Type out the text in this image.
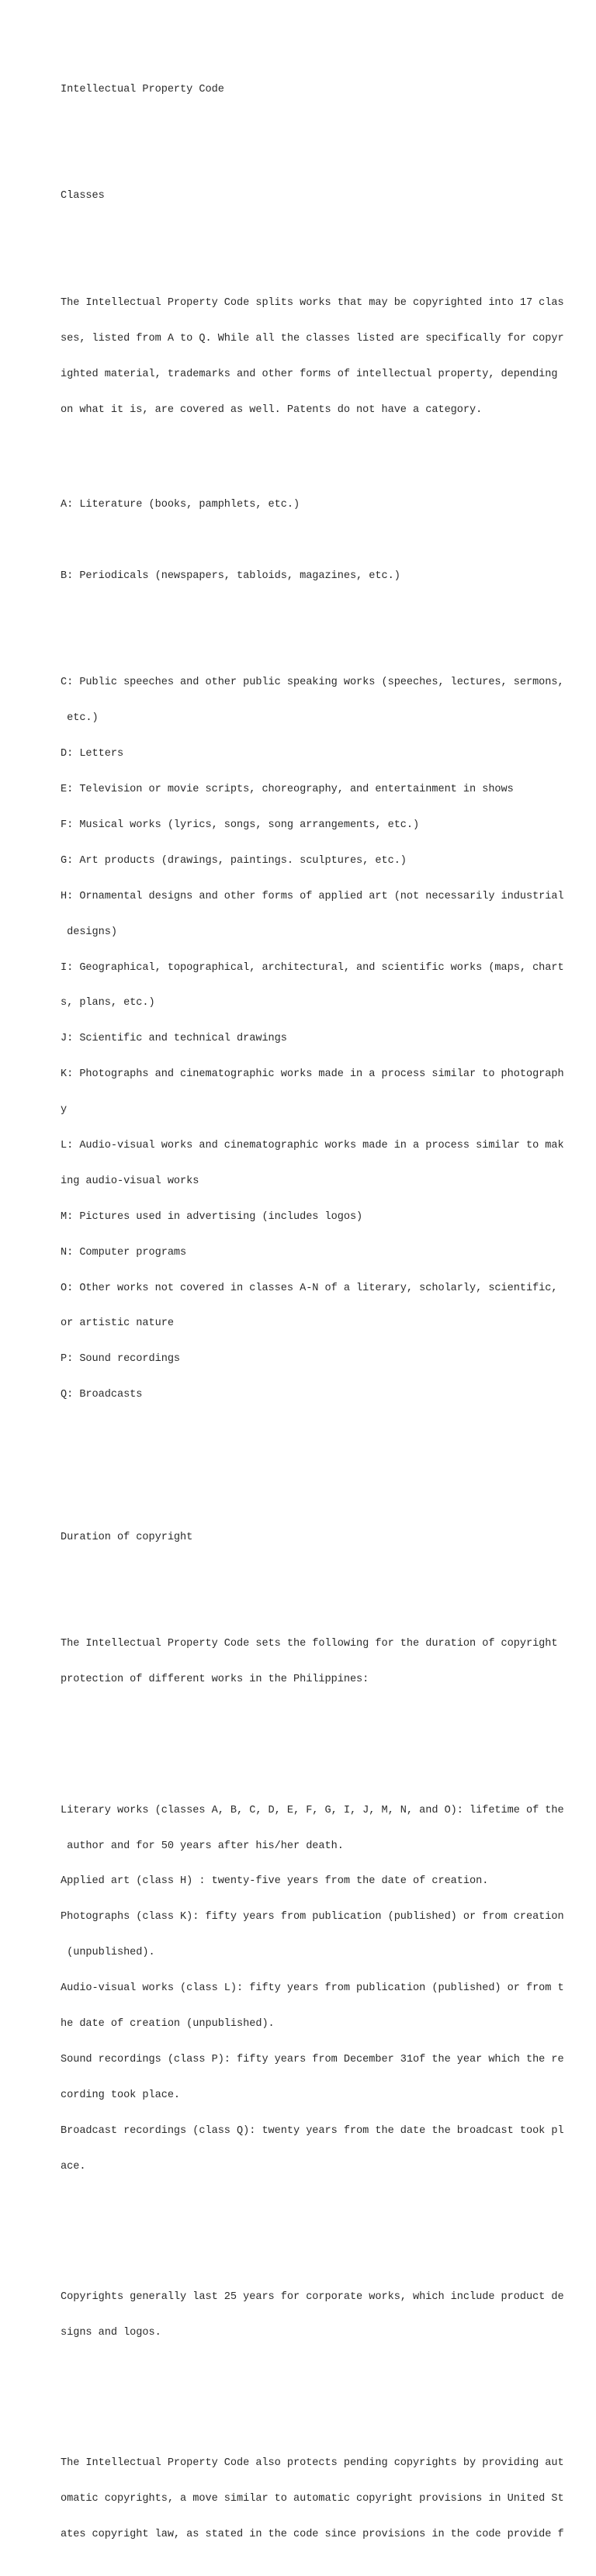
Intellectual Property Code

Classes

The Intellectual Property Code splits works that may be copyrighted into 17 clas

ses, listed from A to Q. While all the classes listed are specifically for copyr

ighted material, trademarks and other forms of intellectual property, depending

on what it is, are covered as well. Patents do not have a category.

A: Literature (books, pamphlets, etc.)

B: Periodicals (newspapers, tabloids, magazines, etc.)

C: Public speeches and other public speaking works (speeches, lectures, sermons,

etc.)

D: Letters

E: Television or movie scripts, choreography, and entertainment in shows

F: Musical works (lyrics, songs, song arrangements, etc.)

G: Art products (drawings, paintings. sculptures, etc.)

H: Ornamental designs and other forms of applied art (not necessarily industrial

designs)

I: Geographical, topographical, architectural, and scientific works (maps, chart

s, plans, etc.)

J: Scientific and technical drawings

K: Photographs and cinematographic works made in a process similar to photograph

y

L: Audio-visual works and cinematographic works made in a process similar to mak

ing audio-visual works

M: Pictures used in advertising (includes logos)

N: Computer programs

O: Other works not covered in classes A-N of a literary, scholarly, scientific,

or artistic nature

P: Sound recordings

Q: Broadcasts

Duration of copyright

The Intellectual Property Code sets the following for the duration of copyright

protection of different works in the Philippines:

Literary works (classes A, B, C, D, E, F, G, I, J, M, N, and O): lifetime of the

author and for 50 years after his/her death.

Applied art (class H) : twenty-five years from the date of creation.

Photographs (class K): fifty years from publication (published) or from creation

(unpublished).

Audio-visual works (class L): fifty years from publication (published) or from t

he date of creation (unpublished).

Sound recordings (class P): fifty years from December 31of the year which the re

cording took place.

Broadcast recordings (class Q): twenty years from the date the broadcast took pl

ace.

Copyrights generally last 25 years for corporate works, which include product de

signs and logos.

The Intellectual Property Code also protects pending copyrights by providing aut

omatic copyrights, a move similar to automatic copyright provisions in United St

ates copyright law, as stated in the code since provisions in the code provide f
